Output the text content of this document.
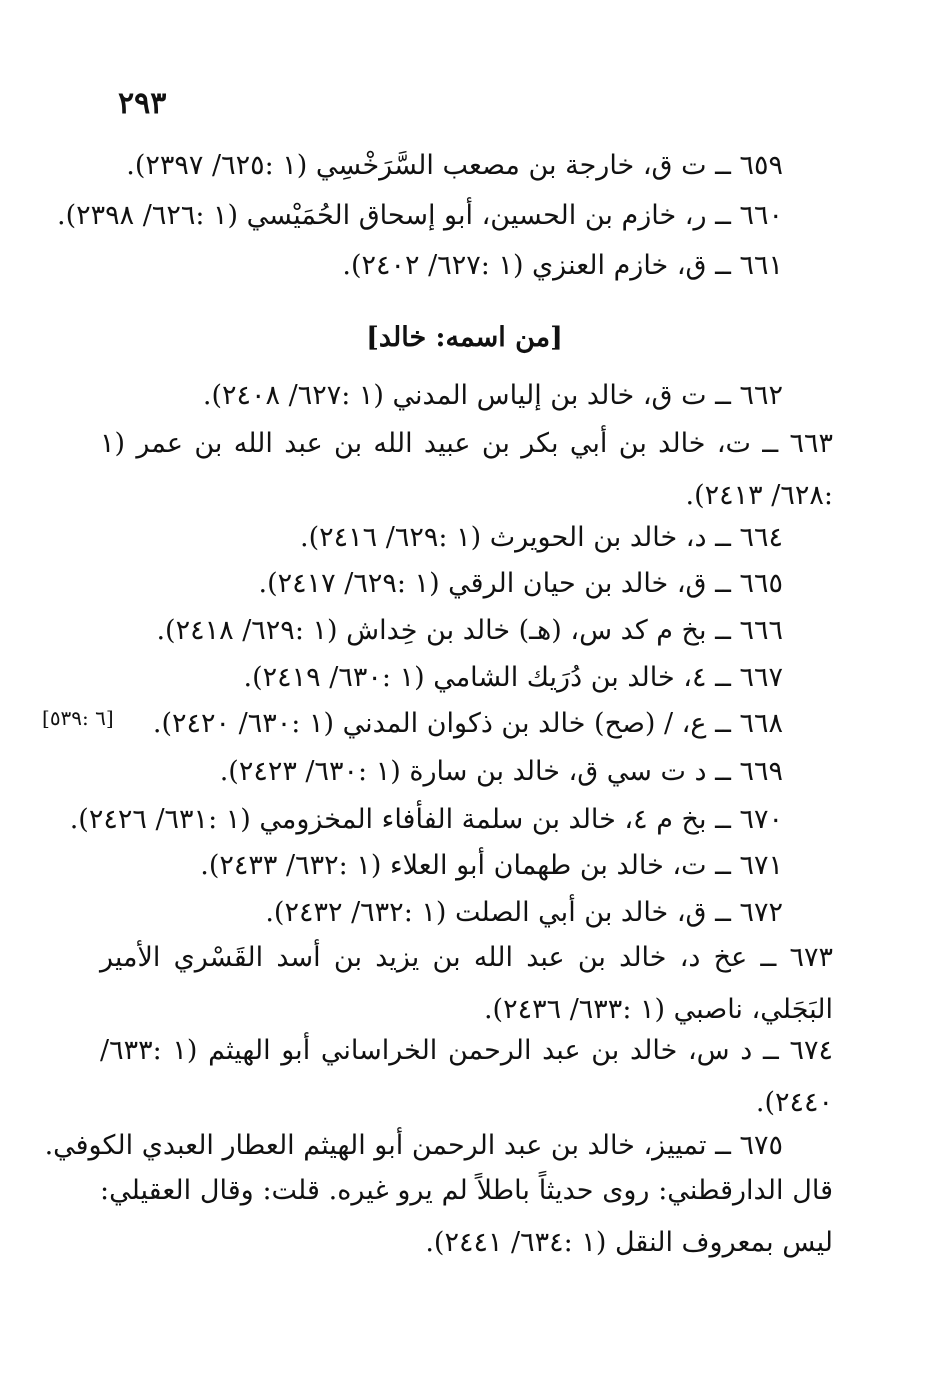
٢٩٣
٦٥٩ ــ ت ق، خارجة بن مصعب السَّرَخْسِي (١ :٦٢٥/ ٢٣٩٧).
٦٦٠ ــ ر، خازم بن الحسين، أبو إسحاق الحُمَيْسي (١ :٦٢٦/ ٢٣٩٨).
٦٦١ ــ ق، خازم العنزي (١ :٦٢٧/ ٢٤٠٢).
[من اسمه: خالد]
٦٦٢ ــ ت ق، خالد بن إلياس المدني (١ :٦٢٧/ ٢٤٠٨).
٦٦٣ ــ ت، خالد بن أبي بكر بن عبيد الله بن عبد الله بن عمر (١ :٦٢٨/ ٢٤١٣).
٦٦٤ ــ د، خالد بن الحويرث (١ :٦٢٩/ ٢٤١٦).
٦٦٥ ــ ق، خالد بن حيان الرقي (١ :٦٢٩/ ٢٤١٧).
٦٦٦ ــ بخ م كد س، (هـ) خالد بن خِداش (١ :٦٢٩/ ٢٤١٨).
٦٦٧ ــ ٤، خالد بن دُرَيك الشامي (١ :٦٣٠/ ٢٤١٩).
٦٦٨ ــ ع، / (صح) خالد بن ذكوان المدني (١ :٦٣٠/ ٢٤٢٠).
[٦ :٥٣٩]
٦٦٩ ــ د ت سي ق، خالد بن سارة (١ :٦٣٠/ ٢٤٢٣).
٦٧٠ ــ بخ م ٤، خالد بن سلمة الفأفاء المخزومي (١ :٦٣١/ ٢٤٢٦).
٦٧١ ــ ت، خالد بن طهمان أبو العلاء (١ :٦٣٢/ ٢٤٣٣).
٦٧٢ ــ ق، خالد بن أبي الصلت (١ :٦٣٢/ ٢٤٣٢).
٦٧٣ ــ عخ د، خالد بن عبد الله بن يزيد بن أسد القَسْري الأمير البَجَلي، ناصبي (١ :٦٣٣/ ٢٤٣٦).
٦٧٤ ــ د س، خالد بن عبد الرحمن الخراساني أبو الهيثم (١ :٦٣٣/ ٢٤٤٠).
٦٧٥ ــ تمييز، خالد بن عبد الرحمن أبو الهيثم العطار العبدي الكوفي.
قال الدارقطني: روى حديثاً باطلاً لم يرو غيره. قلت: وقال العقيلي: ليس بمعروف النقل (١ :٦٣٤/ ٢٤٤١).
